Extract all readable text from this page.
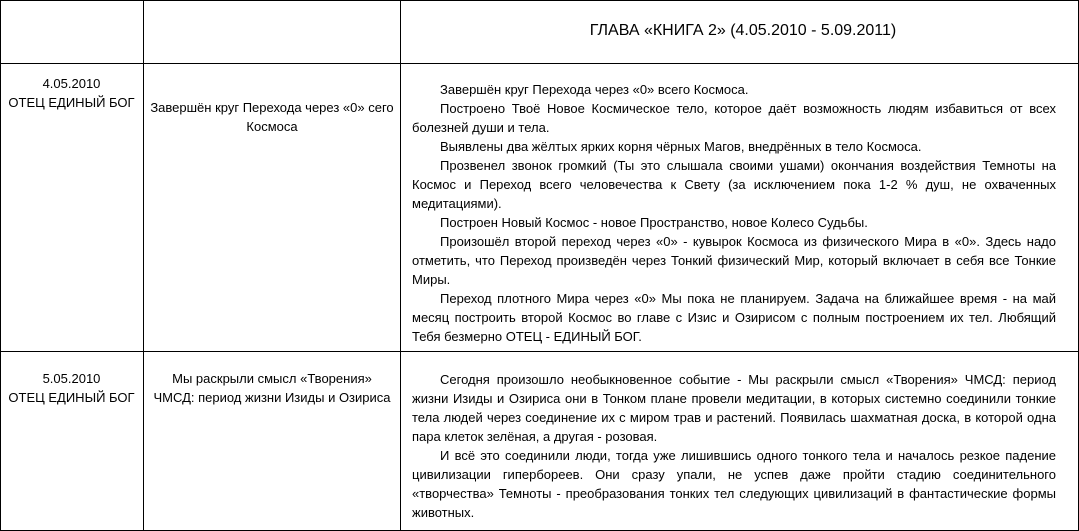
ГЛАВА «КНИГА 2» (4.05.2010 - 5.09.2011)
4.05.2010
ОТЕЦ ЕДИНЫЙ БОГ	Завершён круг Перехода через «0» сего Космоса

Завершён круг Перехода через «0» всего Космоса.

Построено Твоё Новое Космическое тело, которое даёт возможность людям избавиться от всех болезней души и тела.

Выявлены два жёлтых ярких корня чёрных Магов, внедрённых в тело Космоса.

Прозвенел звонок громкий (Ты это слышала своими ушами) окончания воздействия Темноты на Космос и Переход всего человечества к Свету (за исключением пока 1-2 % душ, не охваченных медитациями).

Построен Новый Космос - новое Пространство, новое Колесо Судьбы.

Произошёл второй переход через «0» - кувырок Космоса из физического Мира в «0». Здесь надо отметить, что Переход произведён через Тонкий физический Мир, который включает в себя все Тонкие Миры.

Переход плотного Мира через «0» Мы пока не планируем. Задача на ближайшее время - на май месяц построить второй Космос во главе с Изис и Озирисом с полным построением их тел. Любящий Тебя безмерно ОТЕЦ - ЕДИНЫЙ БОГ.

5.05.2010
ОТЕЦ ЕДИНЫЙ БОГ
Мы раскрыли смысл «Творения» ЧМСД: период жизни Изиды и Озириса

Сегодня произошло необыкновенное событие - Мы раскрыли смысл «Творения» ЧМСД: период жизни Изиды и Озириса они в Тонком плане провели медитации, в которых системно соединили тонкие тела людей через соединение их с миром трав и растений. Появилась шахматная доска, в которой одна пара клеток зелёная, а другая - розовая.

И всё это соединили люди, тогда уже лишившись одного тонкого тела и началось резкое падение цивилизации гипербореев. Они сразу упали, не успев даже пройти стадию соединительного «творчества» Темноты - преобразования тонких тел следующих цивилизаций в фантастические формы животных.
